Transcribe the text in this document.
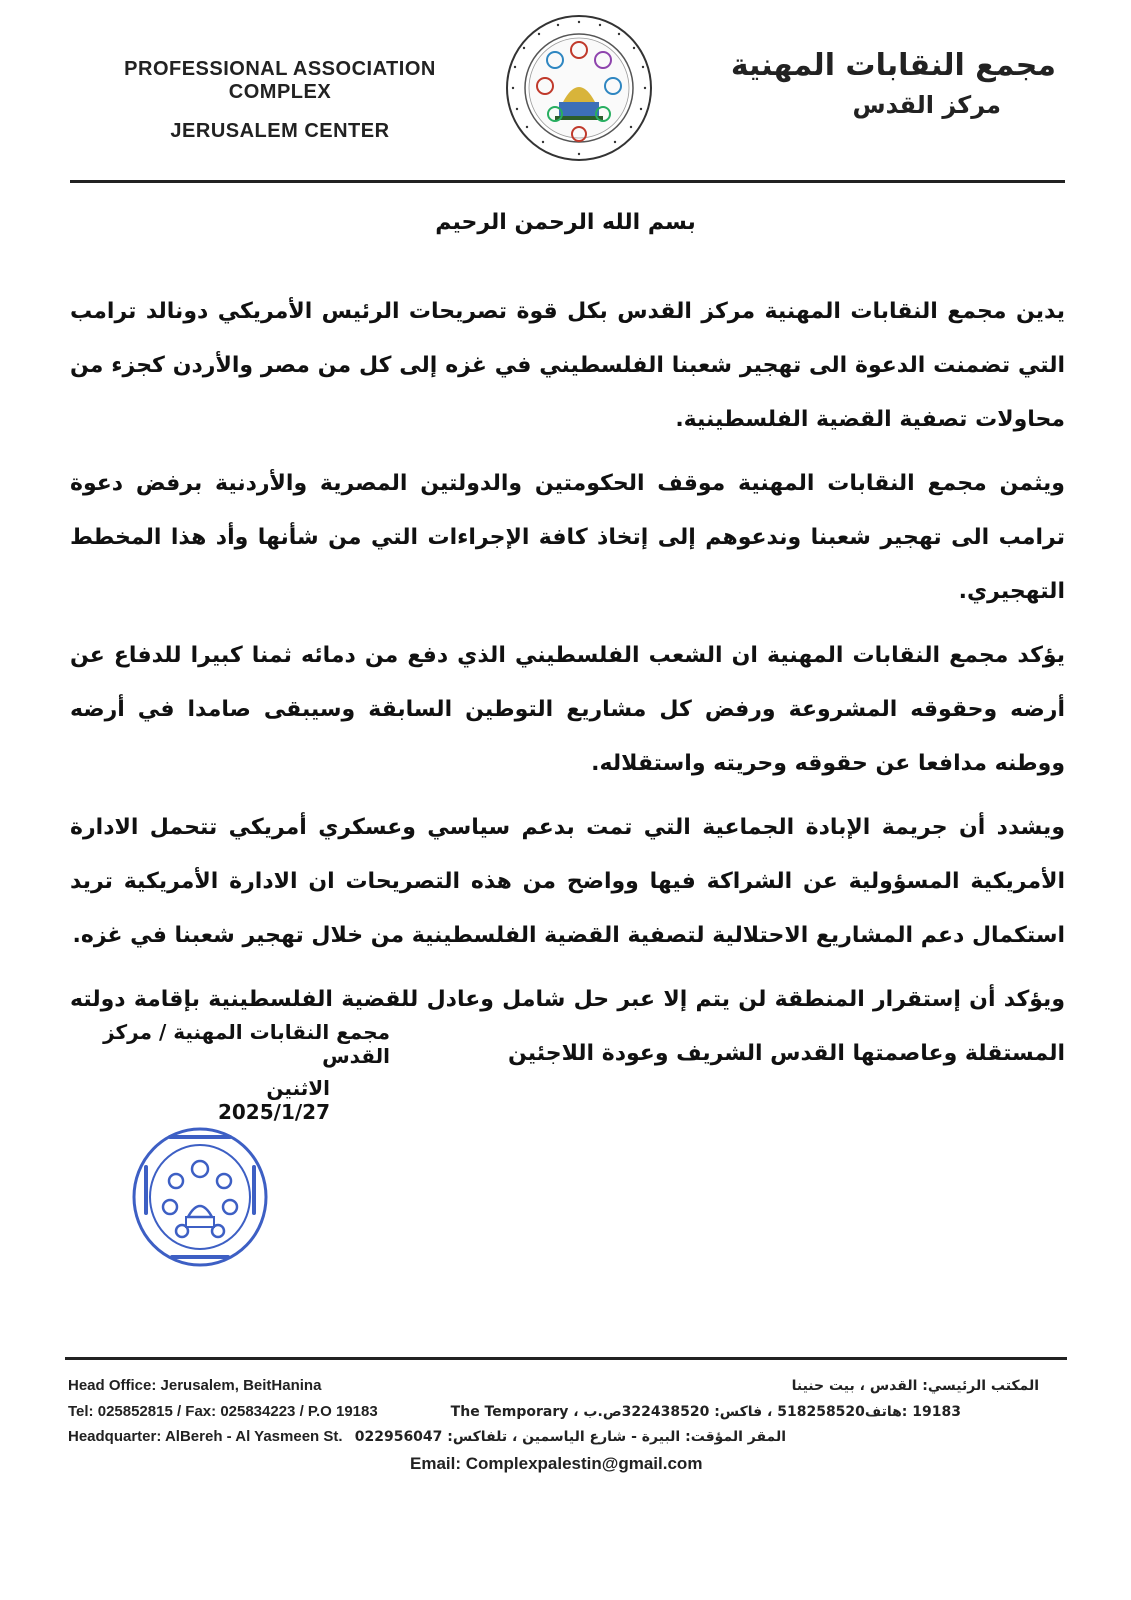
PROFESSIONAL ASSOCIATION COMPLEX
JERUSALEM CENTER
مجمع النقابات المهنية
مركز القدس
بسم الله الرحمن الرحيم

يدين مجمع النقابات المهنية مركز القدس بكل قوة تصريحات الرئيس الأمريكي دونالد ترامب التي تضمنت الدعوة الى تهجير شعبنا الفلسطيني في غزه إلى كل من مصر والأردن كجزء من محاولات تصفية القضية الفلسطينية.

ويثمن مجمع النقابات المهنية موقف الحكومتين والدولتين المصرية والأردنية برفض دعوة ترامب الى تهجير شعبنا وندعوهم إلى إتخاذ كافة الإجراءات التي من شأنها وأد هذا المخطط التهجيري.

يؤكد مجمع النقابات المهنية ان الشعب الفلسطيني الذي دفع من دمائه ثمنا كبيرا للدفاع عن أرضه وحقوقه المشروعة ورفض كل مشاريع التوطين السابقة وسيبقى صامدا في أرضه ووطنه مدافعا عن حقوقه وحريته واستقلاله.

ويشدد أن جريمة الإبادة الجماعية التي تمت بدعم سياسي وعسكري أمريكي تتحمل الادارة الأمريكية المسؤولية عن الشراكة فيها وواضح من هذه التصريحات ان الادارة الأمريكية تريد استكمال دعم المشاريع الاحتلالية لتصفية القضية الفلسطينية من خلال تهجير شعبنا في غزه.

ويؤكد أن إستقرار المنطقة لن يتم إلا عبر حل شامل وعادل للقضية الفلسطينية بإقامة دولته المستقلة وعاصمتها القدس الشريف وعودة اللاجئين

مجمع النقابات المهنية / مركز القدس
الاثنين 2025/1/27
Head Office: Jerusalem, BeitHanina
Tel: 025852815 / Fax: 025834223 / P.O 19183
Headquarter: AlBereh - Al Yasmeen St.
المكتب الرئيسي: القدس ، بيت حنينا
19183 :هاتف518258520 ، فاكس: 322438520ص.ب ، The Temporary
المقر المؤقت: البيرة - شارع الياسمين ، تلفاكس: 022956047
Email: Complexpalestin@gmail.com
